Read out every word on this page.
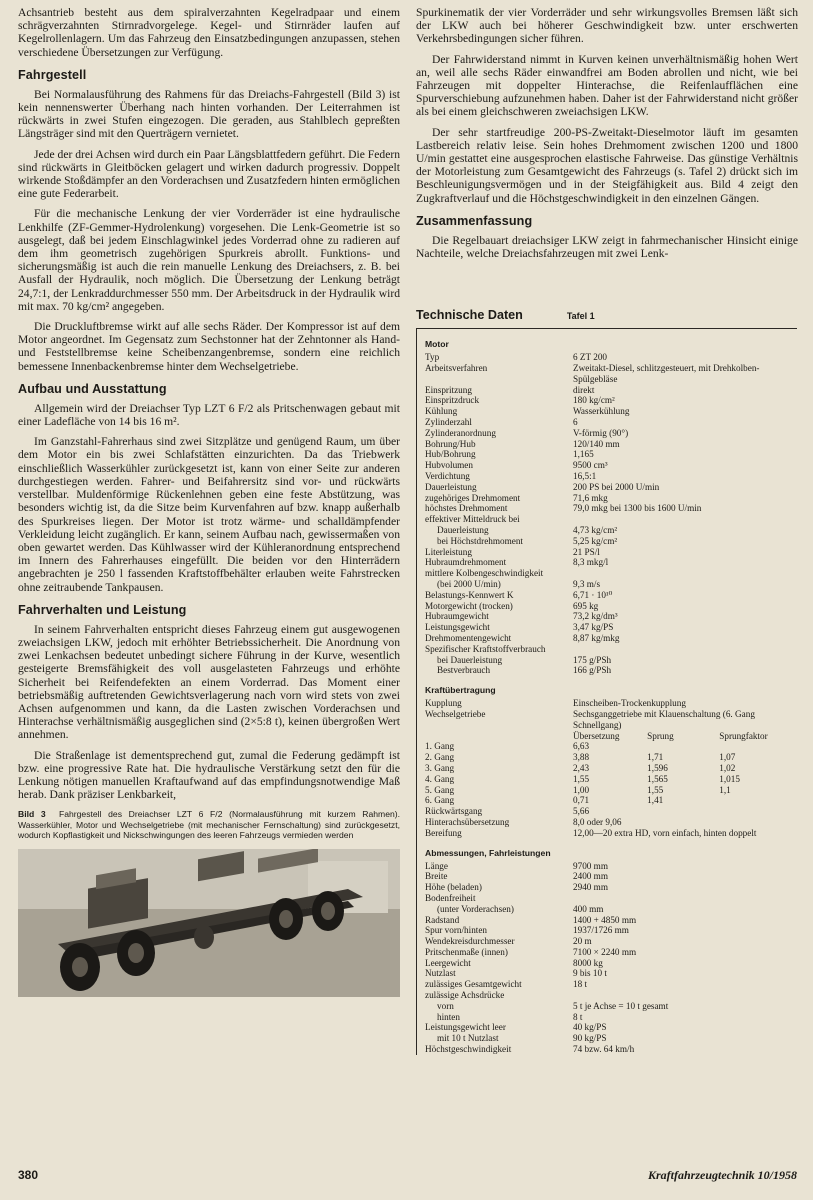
Achsantrieb besteht aus dem spiralverzahnten Kegelradpaar und einem schrägverzahnten Stirnradvorgelege. Kegel- und Stirnräder laufen auf Kegelrollenlagern. Um das Fahrzeug den Einsatzbedingungen anzupassen, stehen verschiedene Übersetzungen zur Verfügung.

Fahrgestell

Bei Normalausführung des Rahmens für das Dreiachs-Fahrgestell (Bild 3) ist kein nennenswerter Überhang nach hinten vorhanden. Der Leiterrahmen ist rückwärts in zwei Stufen eingezogen. Die geraden, aus Stahlblech gepreßten Längsträger sind mit den Querträgern vernietet.

Jede der drei Achsen wird durch ein Paar Längsblattfedern geführt. Die Federn sind rückwärts in Gleitböcken gelagert und wirken dadurch progressiv. Doppelt wirkende Stoßdämpfer an den Vorderachsen und Zusatzfedern hinten ermöglichen eine gute Federarbeit.

Für die mechanische Lenkung der vier Vorderräder ist eine hydraulische Lenkhilfe (ZF-Gemmer-Hydrolenkung) vorgesehen. Die Lenk-Geometrie ist so ausgelegt, daß bei jedem Einschlagwinkel jedes Vorderrad ohne zu radieren auf dem ihm geometrisch zugehörigen Spurkreis abrollt. Funktions- und sicherungsmäßig ist auch die rein manuelle Lenkung des Dreiachsers, z. B. bei Ausfall der Hydraulik, noch möglich. Die Übersetzung der Lenkung beträgt 24,7:1, der Lenkraddurchmesser 550 mm. Der Arbeitsdruck in der Hydraulik wird mit max. 70 kg/cm² angegeben.

Die Druckluftbremse wirkt auf alle sechs Räder. Der Kompressor ist auf dem Motor angeordnet. Im Gegensatz zum Sechstonner hat der Zehntonner als Hand- und Feststellbremse keine Scheibenzangenbremse, sondern eine reichlich bemessene Innenbackenbremse hinter dem Wechselgetriebe.

Aufbau und Ausstattung

Allgemein wird der Dreiachser Typ LZT 6 F/2 als Pritschenwagen gebaut mit einer Ladefläche von 14 bis 16 m².

Im Ganzstahl-Fahrerhaus sind zwei Sitzplätze und genügend Raum, um über dem Motor ein bis zwei Schlafstätten einzurichten. Da das Triebwerk einschließlich Wasserkühler zurückgesetzt ist, kann von einer Seite zur anderen durchgestiegen werden. Fahrer- und Beifahrersitz sind vor- und rückwärts verstellbar. Muldenförmige Rückenlehnen geben eine feste Abstützung, was besonders wichtig ist, da die Sitze beim Kurvenfahren auf bzw. knapp außerhalb des Spurkreises liegen. Der Motor ist trotz wärme- und schalldämpfender Verkleidung leicht zugänglich. Er kann, seinem Aufbau nach, gewissermaßen von oben gewartet werden. Das Kühlwasser wird der Kühleranordnung entsprechend im Innern des Fahrerhauses eingefüllt. Die beiden vor den Hinterrädern angebrachten je 250 l fassenden Kraftstoffbehälter erlauben weite Fahrstrecken ohne zeitraubende Tankpausen.

Fahrverhalten und Leistung

In seinem Fahrverhalten entspricht dieses Fahrzeug einem gut ausgewogenen zweiachsigen LKW, jedoch mit erhöhter Betriebssicherheit. Die Anordnung von zwei Lenkachsen bedeutet unbedingt sichere Führung in der Kurve, wesentlich gesteigerte Bremsfähigkeit des voll ausgelasteten Fahrzeugs und erhöhte Sicherheit bei Reifendefekten an einem Vorderrad. Das Moment einer betriebsmäßig auftretenden Gewichtsverlagerung nach vorn wird stets von zwei Achsen aufgenommen und kann, da die Lasten zwischen Vorderachsen und Hinterachse verhältnismäßig ausgeglichen sind (2×5:8 t), keinen übergroßen Wert annehmen.

Die Straßenlage ist dementsprechend gut, zumal die Federung gedämpft ist bzw. eine progressive Rate hat. Die hydraulische Verstärkung setzt den für die Lenkung nötigen manuellen Kraftaufwand auf das empfindungsnotwendige Maß herab. Dank präziser Lenkbarkeit,

Bild 3 Fahrgestell des Dreiachser LZT 6 F/2 (Normalausführung mit kurzem Rahmen). Wasserkühler, Motor und Wechselgetriebe (mit mechanischer Fernschaltung) sind zurückgesetzt, wodurch Kopflastigkeit und Nickschwingungen des leeren Fahrzeugs vermieden werden

Spurkinematik der vier Vorderräder und sehr wirkungsvolles Bremsen läßt sich der LKW auch bei höherer Geschwindigkeit bzw. unter erschwerten Verkehrsbedingungen sicher führen.

Der Fahrwiderstand nimmt in Kurven keinen unverhältnismäßig hohen Wert an, weil alle sechs Räder einwandfrei am Boden abrollen und nicht, wie bei Fahrzeugen mit doppelter Hinterachse, die Reifenlaufflächen eine Spurverschiebung aufzunehmen haben. Daher ist der Fahrwiderstand nicht größer als bei einem gleichschweren zweiachsigen LKW.

Der sehr startfreudige 200-PS-Zweitakt-Dieselmotor läuft im gesamten Lastbereich relativ leise. Sein hohes Drehmoment zwischen 1200 und 1800 U/min gestattet eine ausgesprochen elastische Fahrweise. Das günstige Verhältnis der Motorleistung zum Gesamtgewicht des Fahrzeugs (s. Tafel 2) drückt sich im Beschleunigungsvermögen und in der Steigfähigkeit aus. Bild 4 zeigt den Zugkraftverlauf und die Höchstgeschwindigkeit in den einzelnen Gängen.

Zusammenfassung

Die Regelbauart dreiachsiger LKW zeigt in fahrmechanischer Hinsicht einige Nachteile, welche Dreiachsfahrzeugen mit zwei Lenk-

Technische Daten	Tafel 1
Motor
Typ	6 ZT 200
Arbeitsverfahren	Zweitakt-Diesel, schlitzgesteuert, mit Drehkolben-Spülgebläse
Einspritzung	direkt
Einspritzdruck	180 kg/cm²
Kühlung	Wasserkühlung
Zylinderzahl	6
Zylinderanordnung	V-förmig (90°)
Bohrung/Hub	120/140 mm
Hub/Bohrung	1,165
Hubvolumen	9500 cm³
Verdichtung	16,5:1
Dauerleistung	200 PS bei 2000 U/min
zugehöriges Drehmoment	71,6 mkg
höchstes Drehmoment	79,0 mkg bei 1300 bis 1600 U/min
effektiver Mitteldruck bei
Dauerleistung	4,73 kg/cm²
bei Höchstdrehmoment	5,25 kg/cm²
Literleistung	21 PS/l
Hubraumdrehmoment	8,3 mkg/l
mittlere Kolbengeschwindigkeit
(bei 2000 U/min)	9,3 m/s
Belastungs-Kennwert K	6,71 · 10¹⁰
Motorgewicht (trocken)	695 kg
Hubraumgewicht	73,2 kg/dm³
Leistungsgewicht	3,47 kg/PS
Drehmomentengewicht	8,87 kg/mkg
Spezifischer Kraftstoffverbrauch
bei Dauerleistung	175 g/PSh
Bestverbrauch	166 g/PSh
Kraftübertragung
Kupplung	Einscheiben-Trockenkupplung
Wechselgetriebe	Sechsganggetriebe mit Klauenschaltung (6. Gang Schnellgang)
Übersetzung	Sprung	Sprungfaktor
1. Gang	6,63
2. Gang	3,88	1,71	1,07
3. Gang	2,43	1,596	1,02
4. Gang	1,55	1,565	1,015
5. Gang	1,00	1,55	1,1
6. Gang	0,71	1,41
Rückwärtsgang	5,66
Hinterachsübersetzung	8,0 oder 9,06
Bereifung	12,00—20 extra HD, vorn einfach, hinten doppelt
Abmessungen, Fahrleistungen
Länge	9700 mm
Breite	2400 mm
Höhe (beladen)	2940 mm
Bodenfreiheit
(unter Vorderachsen)	400 mm
Radstand	1400 + 4850 mm
Spur vorn/hinten	1937/1726 mm
Wendekreisdurchmesser	20 m
Pritschenmaße (innen)	7100 × 2240 mm
Leergewicht	8000 kg
Nutzlast	9 bis 10 t
zulässiges Gesamtgewicht	18 t
zulässige Achsdrücke
vorn	5 t je Achse = 10 t gesamt
hinten	8 t
Leistungsgewicht leer	40 kg/PS
mit 10 t Nutzlast	90 kg/PS
Höchstgeschwindigkeit	74 bzw. 64 km/h
380	Kraftfahrzeugtechnik 10/1958
